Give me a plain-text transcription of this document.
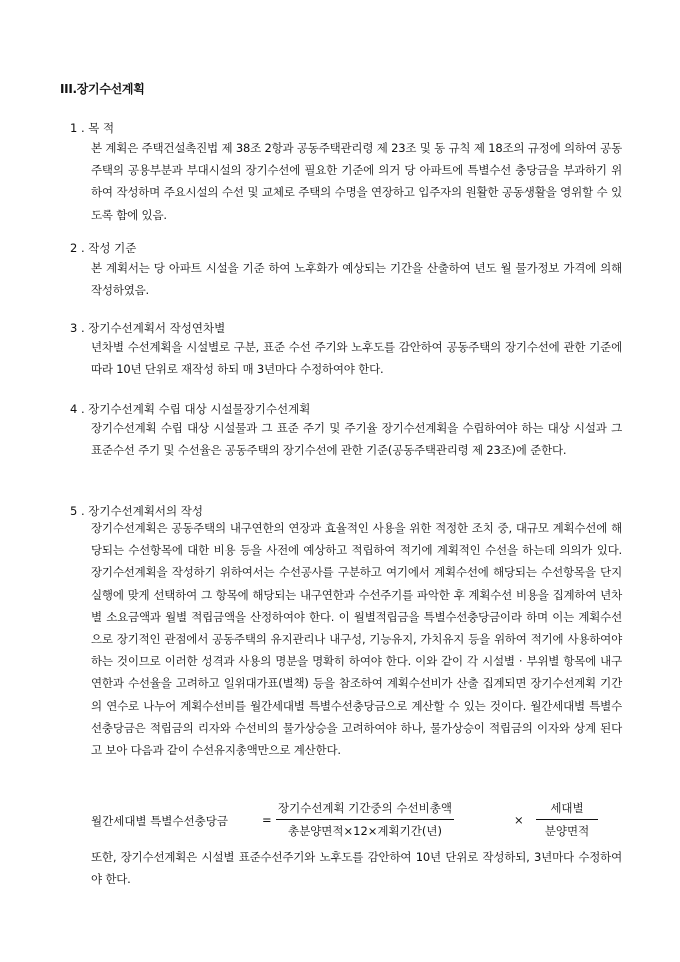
III.장기수선계획
1 . 목 적
본 계획은 주택건설촉진법 제 38조 2항과 공동주택관리령 제 23조 및 동 규칙 제 18조의 규정에 의하여 공동주택의 공용부분과 부대시설의 장기수선에 필요한 기준에 의거 당 아파트에 특별수선 충당금을 부과하기 위하여 작성하며 주요시설의 수선 및 교체로 주택의 수명을 연장하고 입주자의 원활한 공동생활을 영위할 수 있도록 함에 있음.
2 . 작성 기준
본 계획서는 당 아파트 시설을 기준 하여 노후화가 예상되는 기간을 산출하여 년도 월 물가정보 가격에 의해 작성하였음.
3 . 장기수선계획서 작성연차별
년차별 수선계획을 시설별로 구분, 표준 수선 주기와 노후도를 감안하여 공동주택의 장기수선에 관한 기준에 따라 10년 단위로 재작성 하되 매 3년마다 수정하여야 한다.
4 . 장기수선계획 수립 대상 시설물장기수선계획
장기수선계획 수립 대상 시설물과 그 표준 주기 및 주기율 장기수선계획을 수립하여야 하는 대상 시설과 그 표준수선 주기 및 수선율은 공동주택의 장기수선에 관한 기준(공동주택관리령 제 23조)에 준한다.
5 . 장기수선계획서의 작성
장기수선계획은 공동주택의 내구연한의 연장과 효율적인 사용을 위한 적정한 조치 중, 대규모 계획수선에 해당되는 수선항목에 대한 비용 등을 사전에 예상하고 적립하여 적기에 계획적인 수선을 하는데 의의가 있다. 장기수선계획을 작성하기 위하여서는 수선공사를 구분하고 여기에서 계획수선에 해당되는 수선항목을 단지 실행에 맞게 선택하여 그 항목에 해당되는 내구연한과 수선주기를 파악한 후 계획수선 비용을 집계하여 년차별 소요금액과 월별 적립금액을 산정하여야 한다. 이 월별적립금을 특별수선충당금이라 하며 이는 계획수선으로 장기적인 관점에서 공동주택의 유지관리나 내구성, 기능유지, 가치유지 등을 위하여 적기에 사용하여야 하는 것이므로 이러한 성격과 사용의 명분을 명확히 하여야 한다. 이와 같이 각 시설별 · 부위별 항목에 내구연한과 수선율을 고려하고 일위대가표(별책) 등을 참조하여 계획수선비가 산출 집계되면 장기수선계획 기간의 연수로 나누어 계획수선비를 월간세대별 특별수선충당금으로 계산할 수 있는 것이다. 월간세대별 특별수선충당금은 적립금의 리자와 수선비의 물가상승을 고려하여야 하나, 물가상승이 적립금의 이자와 상계 된다고 보아 다음과 같이 수선유지총액만으로 계산한다.
월간세대별 특별수선충당금	=
장기수선계획 기간중의 수선비총액
총분양면적×12×계획기간(년)
×
세대별
분양면적
또한, 장기수선계획은 시설별 표준수선주기와 노후도를 감안하여 10년 단위로 작성하되, 3년마다 수정하여야 한다.
